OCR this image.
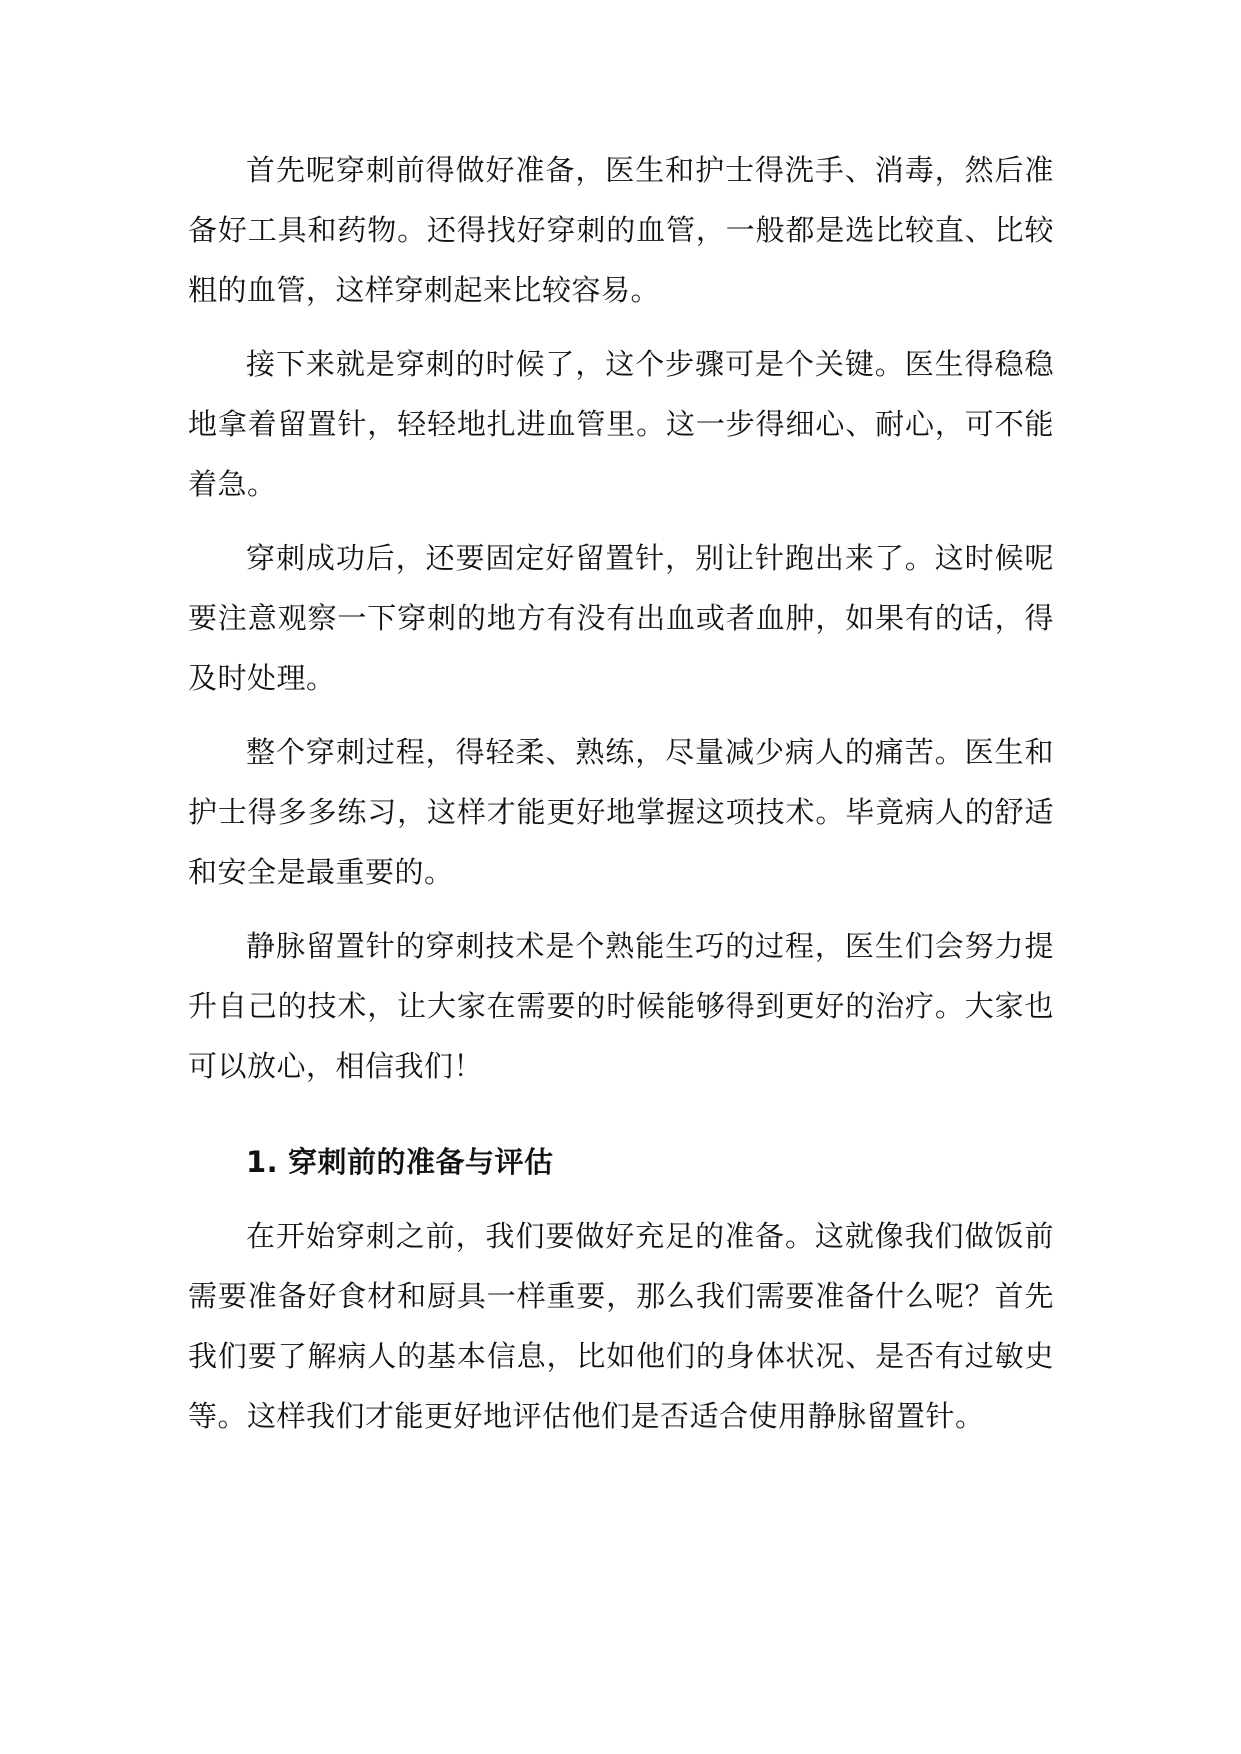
首先呢穿刺前得做好准备，医生和护士得洗手、消毒，然后准备好工具和药物。还得找好穿刺的血管，一般都是选比较直、比较粗的血管，这样穿刺起来比较容易。

接下来就是穿刺的时候了，这个步骤可是个关键。医生得稳稳地拿着留置针，轻轻地扎进血管里。这一步得细心、耐心，可不能着急。

穿刺成功后，还要固定好留置针，别让针跑出来了。这时候呢要注意观察一下穿刺的地方有没有出血或者血肿，如果有的话，得及时处理。

整个穿刺过程，得轻柔、熟练，尽量减少病人的痛苦。医生和护士得多多练习，这样才能更好地掌握这项技术。毕竟病人的舒适和安全是最重要的。

静脉留置针的穿刺技术是个熟能生巧的过程，医生们会努力提升自己的技术，让大家在需要的时候能够得到更好的治疗。大家也可以放心，相信我们！

1. 穿刺前的准备与评估

在开始穿刺之前，我们要做好充足的准备。这就像我们做饭前需要准备好食材和厨具一样重要，那么我们需要准备什么呢？首先我们要了解病人的基本信息，比如他们的身体状况、是否有过敏史等。这样我们才能更好地评估他们是否适合使用静脉留置针。
